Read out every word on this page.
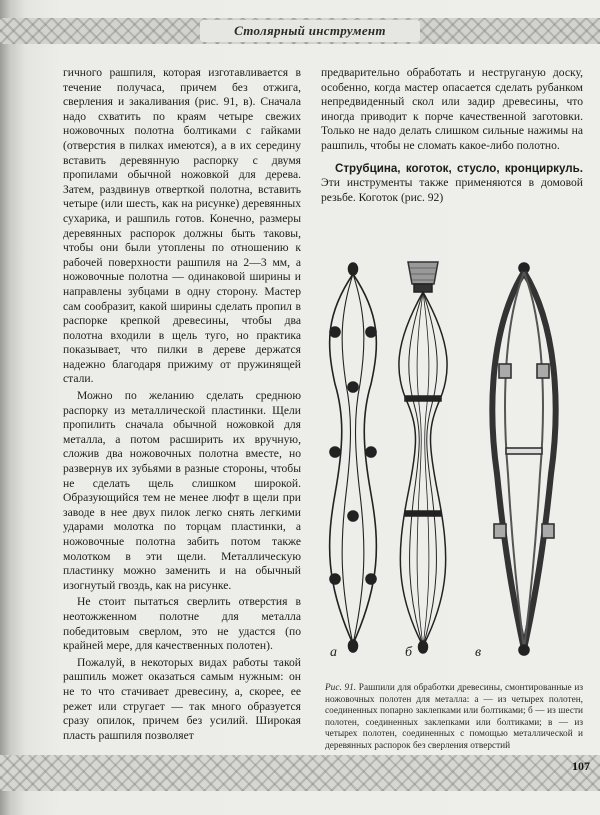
Столярный инструмент

гичного рашпиля, которая изготавливается в течение получаса, причем без отжига, сверления и закаливания (рис. 91, в). Сначала надо схватить по краям четыре свежих ножовочных полотна болтиками с гайками (отверстия в пилках имеются), а в их середину вставить деревянную распорку с двумя пропилами обычной ножовкой для дерева. Затем, раздвинув отверткой полотна, вставить четыре (или шесть, как на рисунке) деревянных сухарика, и рашпиль готов. Конечно, размеры деревянных распорок должны быть таковы, чтобы они были утоплены по отношению к рабочей поверхности рашпиля на 2—3 мм, а ножовочные полотна — одинаковой ширины и направлены зубцами в одну сторону. Мастер сам сообразит, какой ширины сделать пропил в распорке крепкой древесины, чтобы два полотна входили в щель туго, но практика показывает, что пилки в дереве держатся надежно благодаря прижиму от пружинящей стали.

Можно по желанию сделать среднюю распорку из металлической пластинки. Щели пропилить сначала обычной ножовкой для металла, а потом расширить их вручную, сложив два ножовочных полотна вместе, но развернув их зубьями в разные стороны, чтобы не сделать щель слишком широкой. Образующийся тем не менее люфт в щели при заводе в нее двух пилок легко снять легкими ударами молотка по торцам пластинки, а ножовочные полотна забить потом также молотком в эти щели. Металлическую пластинку можно заменить и на обычный изогнутый гвоздь, как на рисунке.

Не стоит пытаться сверлить отверстия в неотожженном полотне для металла победитовым сверлом, это не удастся (по крайней мере, для качественных полотен).

Пожалуй, в некоторых видах работы такой рашпиль может оказаться самым нужным: он не то что стачивает древесину, а, скорее, ее режет или стругает — так много образуется сразу опилок, причем без усилий. Широкая пласть рашпиля позволяет

предварительно обработать и неструганую доску, особенно, когда мастер опасается сделать рубанком непредвиденный скол или задир древесины, что иногда приводит к порче качественной заготовки. Только не надо делать слишком сильные нажимы на рашпиль, чтобы не сломать какое-либо полотно.

Струбцина, коготок, стусло, кронциркуль. Эти инструменты также применяются в домовой резьбе. Коготок (рис. 92)

а	б	в
Рис. 91. Рашпили для обработки древесины, смонтированные из ножовочных полотен для металла: а — из четырех полотен, соединенных попарно заклепками или болтиками; б — из шести полотен, соединенных заклепками или болтиками; в — из четырех полотен, соединенных с помощью металлической и деревянных распорок без сверления отверстий
107
